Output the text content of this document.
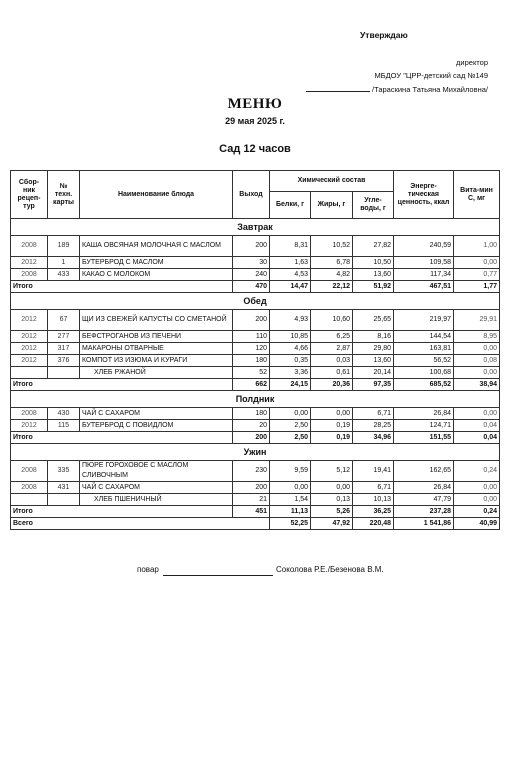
Утверждаю
директор
МБДОУ "ЦРР-детский сад №149
/Тараскина Татьяна Михайловна/
МЕНЮ
29 мая 2025 г.
Сад 12 часов
Сбор-ник рецеп-тур	№ техн. карты	Наименование блюда	Выход	Химический состав			Энерге-тическая ценность, ккал	Вита-мин С, мг
				Белки, г	Жиры, г	Угле-воды, г		
Завтрак								
2008	189	КАША ОВСЯНАЯ МОЛОЧНАЯ С МАСЛОМ	200	8,31	10,52	27,82	240,59	1,00
2012	1	БУТЕРБРОД С МАСЛОМ	30	1,63	6,78	10,50	109,58	0,00
2008	433	КАКАО С МОЛОКОМ	240	4,53	4,82	13,60	117,34	0,77
Итого			470	14,47	22,12	51,92	467,51	1,77
Обед								
2012	67	ЩИ ИЗ СВЕЖЕЙ КАПУСТЫ СО СМЕТАНОЙ	200	4,93	10,60	25,65	219,97	29,91
2012	277	БЕФСТРОГАНОВ ИЗ ПЕЧЕНИ	110	10,85	6,25	8,16	144,54	8,95
2012	317	МАКАРОНЫ ОТВАРНЫЕ	120	4,66	2,87	29,80	163,81	0,00
2012	376	КОМПОТ ИЗ ИЗЮМА И КУРАГИ	180	0,35	0,03	13,60	56,52	0,08
		ХЛЕБ РЖАНОЙ	52	3,36	0,61	20,14	100,68	0,00
Итого			662	24,15	20,36	97,35	685,52	38,94
Полдник								
2008	430	ЧАЙ С САХАРОМ	180	0,00	0,00	6,71	26,84	0,00
2012	115	БУТЕРБРОД С ПОВИДЛОМ	20	2,50	0,19	28,25	124,71	0,04
Итого			200	2,50	0,19	34,96	151,55	0,04
Ужин								
2008	335	ПЮРЕ ГОРОХОВОЕ С МАСЛОМ СЛИВОЧНЫМ	230	9,59	5,12	19,41	162,65	0,24
2008	431	ЧАЙ С САХАРОМ	200	0,00	0,00	6,71	26,84	0,00
		ХЛЕБ ПШЕНИЧНЫЙ	21	1,54	0,13	10,13	47,79	0,00
Итого			451	11,13	5,26	36,25	237,28	0,24
Всего				52,25	47,92	220,48	1 541,86	40,99
повар	Соколова Р.Е./Безенова В.М.
